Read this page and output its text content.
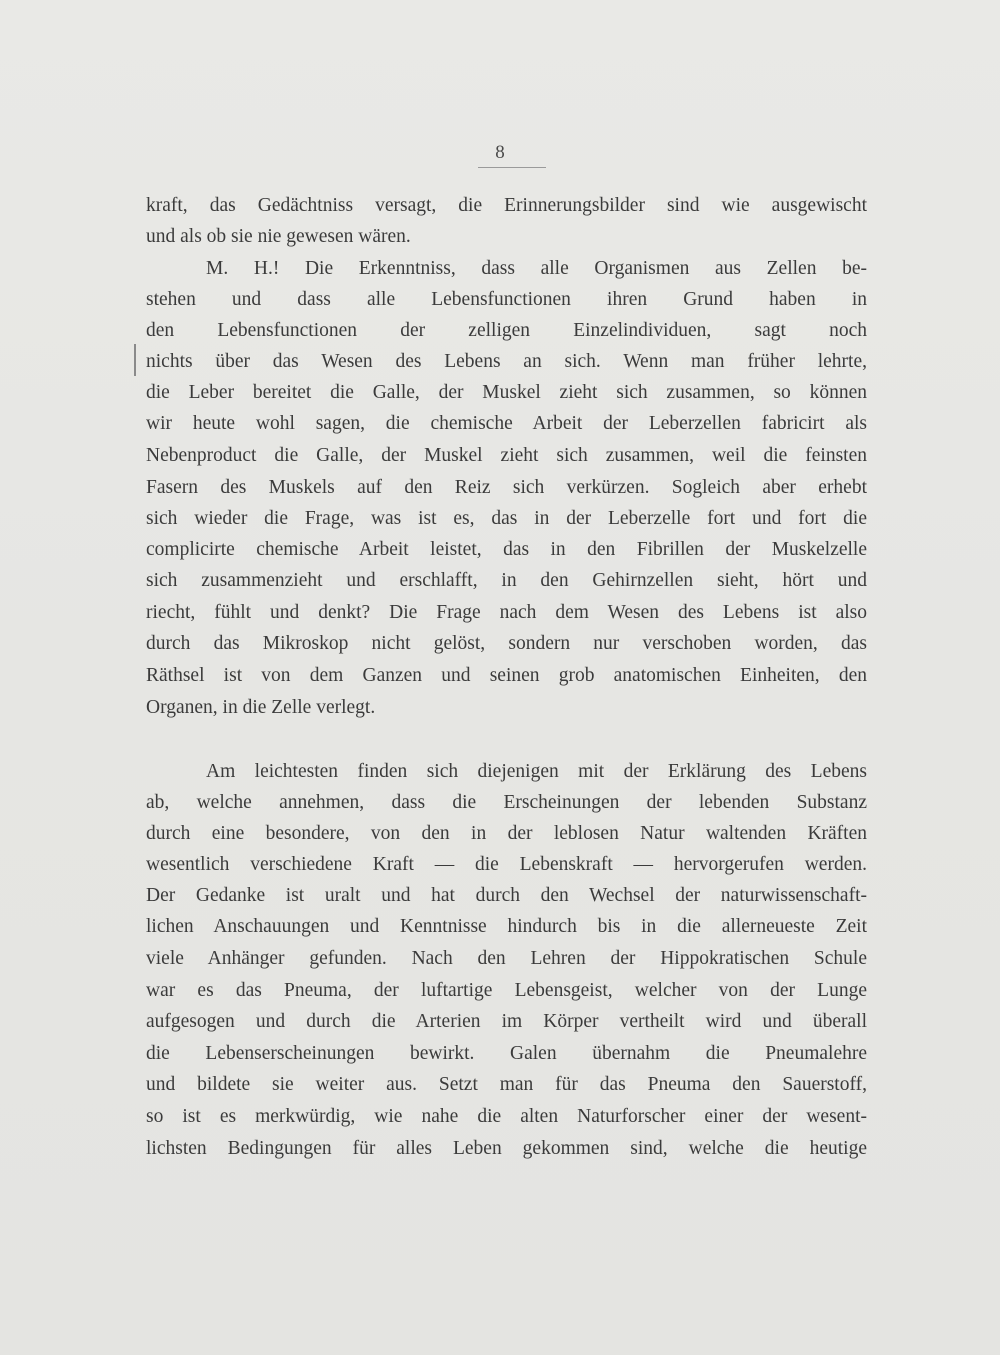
8
kraft, das Gedächtniss versagt, die Erinnerungsbilder sind wie ausgewischt
und als ob sie nie gewesen wären.
M. H.! Die Erkenntniss, dass alle Organismen aus Zellen be-
stehen und dass alle Lebensfunctionen ihren Grund haben in
den Lebensfunctionen der zelligen Einzelindividuen, sagt noch
nichts über das Wesen des Lebens an sich. Wenn man früher lehrte,
die Leber bereitet die Galle, der Muskel zieht sich zusammen, so können
wir heute wohl sagen, die chemische Arbeit der Leberzellen fabricirt als
Nebenproduct die Galle, der Muskel zieht sich zusammen, weil die feinsten
Fasern des Muskels auf den Reiz sich verkürzen. Sogleich aber erhebt
sich wieder die Frage, was ist es, das in der Leberzelle fort und fort die
complicirte chemische Arbeit leistet, das in den Fibrillen der Muskelzelle
sich zusammenzieht und erschlafft, in den Gehirnzellen sieht, hört und
riecht, fühlt und denkt? Die Frage nach dem Wesen des Lebens ist also
durch das Mikroskop nicht gelöst, sondern nur verschoben worden, das
Räthsel ist von dem Ganzen und seinen grob anatomischen Einheiten, den
Organen, in die Zelle verlegt.
Am leichtesten finden sich diejenigen mit der Erklärung des Lebens
ab, welche annehmen, dass die Erscheinungen der lebenden Substanz
durch eine besondere, von den in der leblosen Natur waltenden Kräften
wesentlich verschiedene Kraft — die Lebenskraft — hervorgerufen werden.
Der Gedanke ist uralt und hat durch den Wechsel der naturwissenschaft-
lichen Anschauungen und Kenntnisse hindurch bis in die allerneueste Zeit
viele Anhänger gefunden. Nach den Lehren der Hippokratischen Schule
war es das Pneuma, der luftartige Lebensgeist, welcher von der Lunge
aufgesogen und durch die Arterien im Körper vertheilt wird und überall
die Lebenserscheinungen bewirkt. Galen übernahm die Pneumalehre
und bildete sie weiter aus. Setzt man für das Pneuma den Sauerstoff,
so ist es merkwürdig, wie nahe die alten Naturforscher einer der wesent-
lichsten Bedingungen für alles Leben gekommen sind, welche die heutige
